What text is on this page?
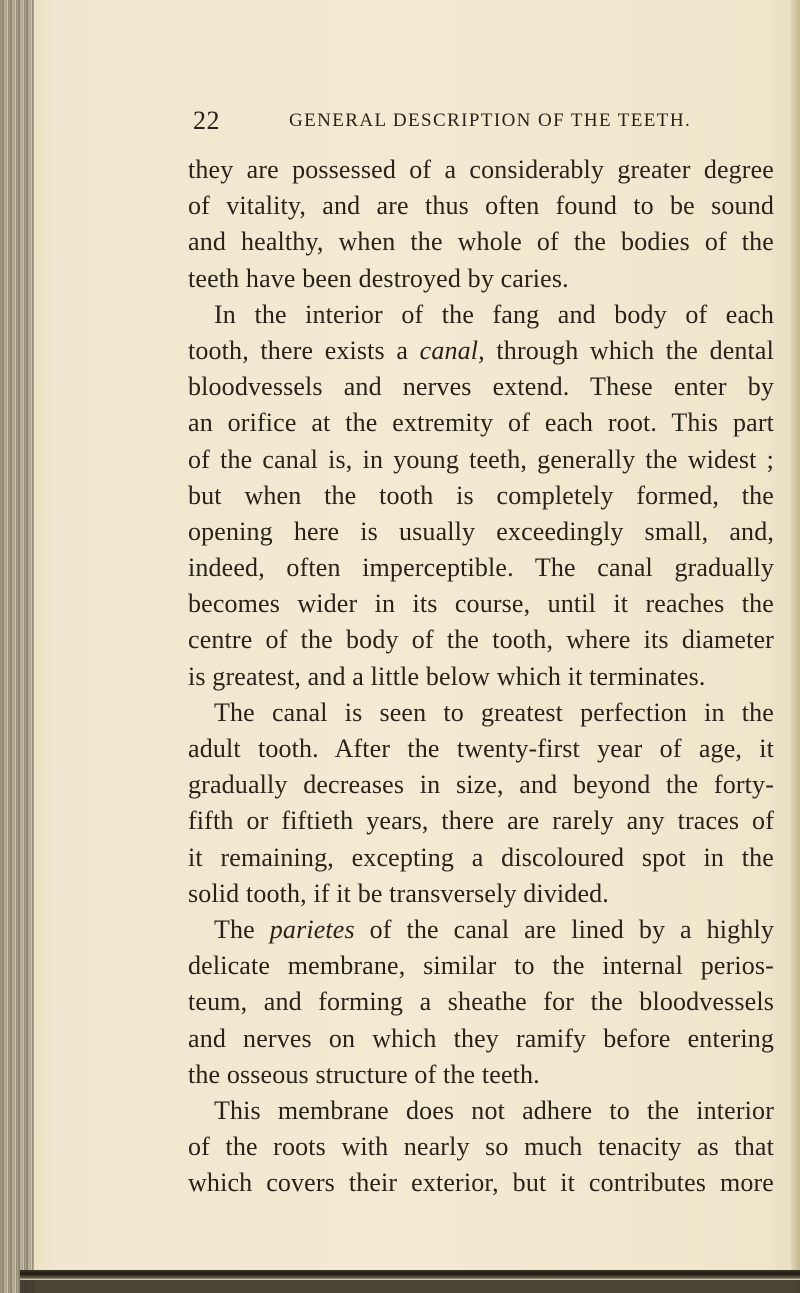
22	GENERAL DESCRIPTION OF THE TEETH.
they are possessed of a considerably greater degree
of vitality, and are thus often found to be sound
and healthy, when the whole of the bodies of the
teeth have been destroyed by caries.
In the interior of the fang and body of each
tooth, there exists a canal, through which the dental
bloodvessels and nerves extend. These enter by
an orifice at the extremity of each root. This part
of the canal is, in young teeth, generally the widest ;
but when the tooth is completely formed, the
opening here is usually exceedingly small, and,
indeed, often imperceptible. The canal gradually
becomes wider in its course, until it reaches the
centre of the body of the tooth, where its diameter
is greatest, and a little below which it terminates.
The canal is seen to greatest perfection in the
adult tooth. After the twenty-first year of age, it
gradually decreases in size, and beyond the forty-
fifth or fiftieth years, there are rarely any traces of
it remaining, excepting a discoloured spot in the
solid tooth, if it be transversely divided.
The parietes of the canal are lined by a highly
delicate membrane, similar to the internal perios-
teum, and forming a sheathe for the bloodvessels
and nerves on which they ramify before entering
the osseous structure of the teeth.
This membrane does not adhere to the interior
of the roots with nearly so much tenacity as that
which covers their exterior, but it contributes more
